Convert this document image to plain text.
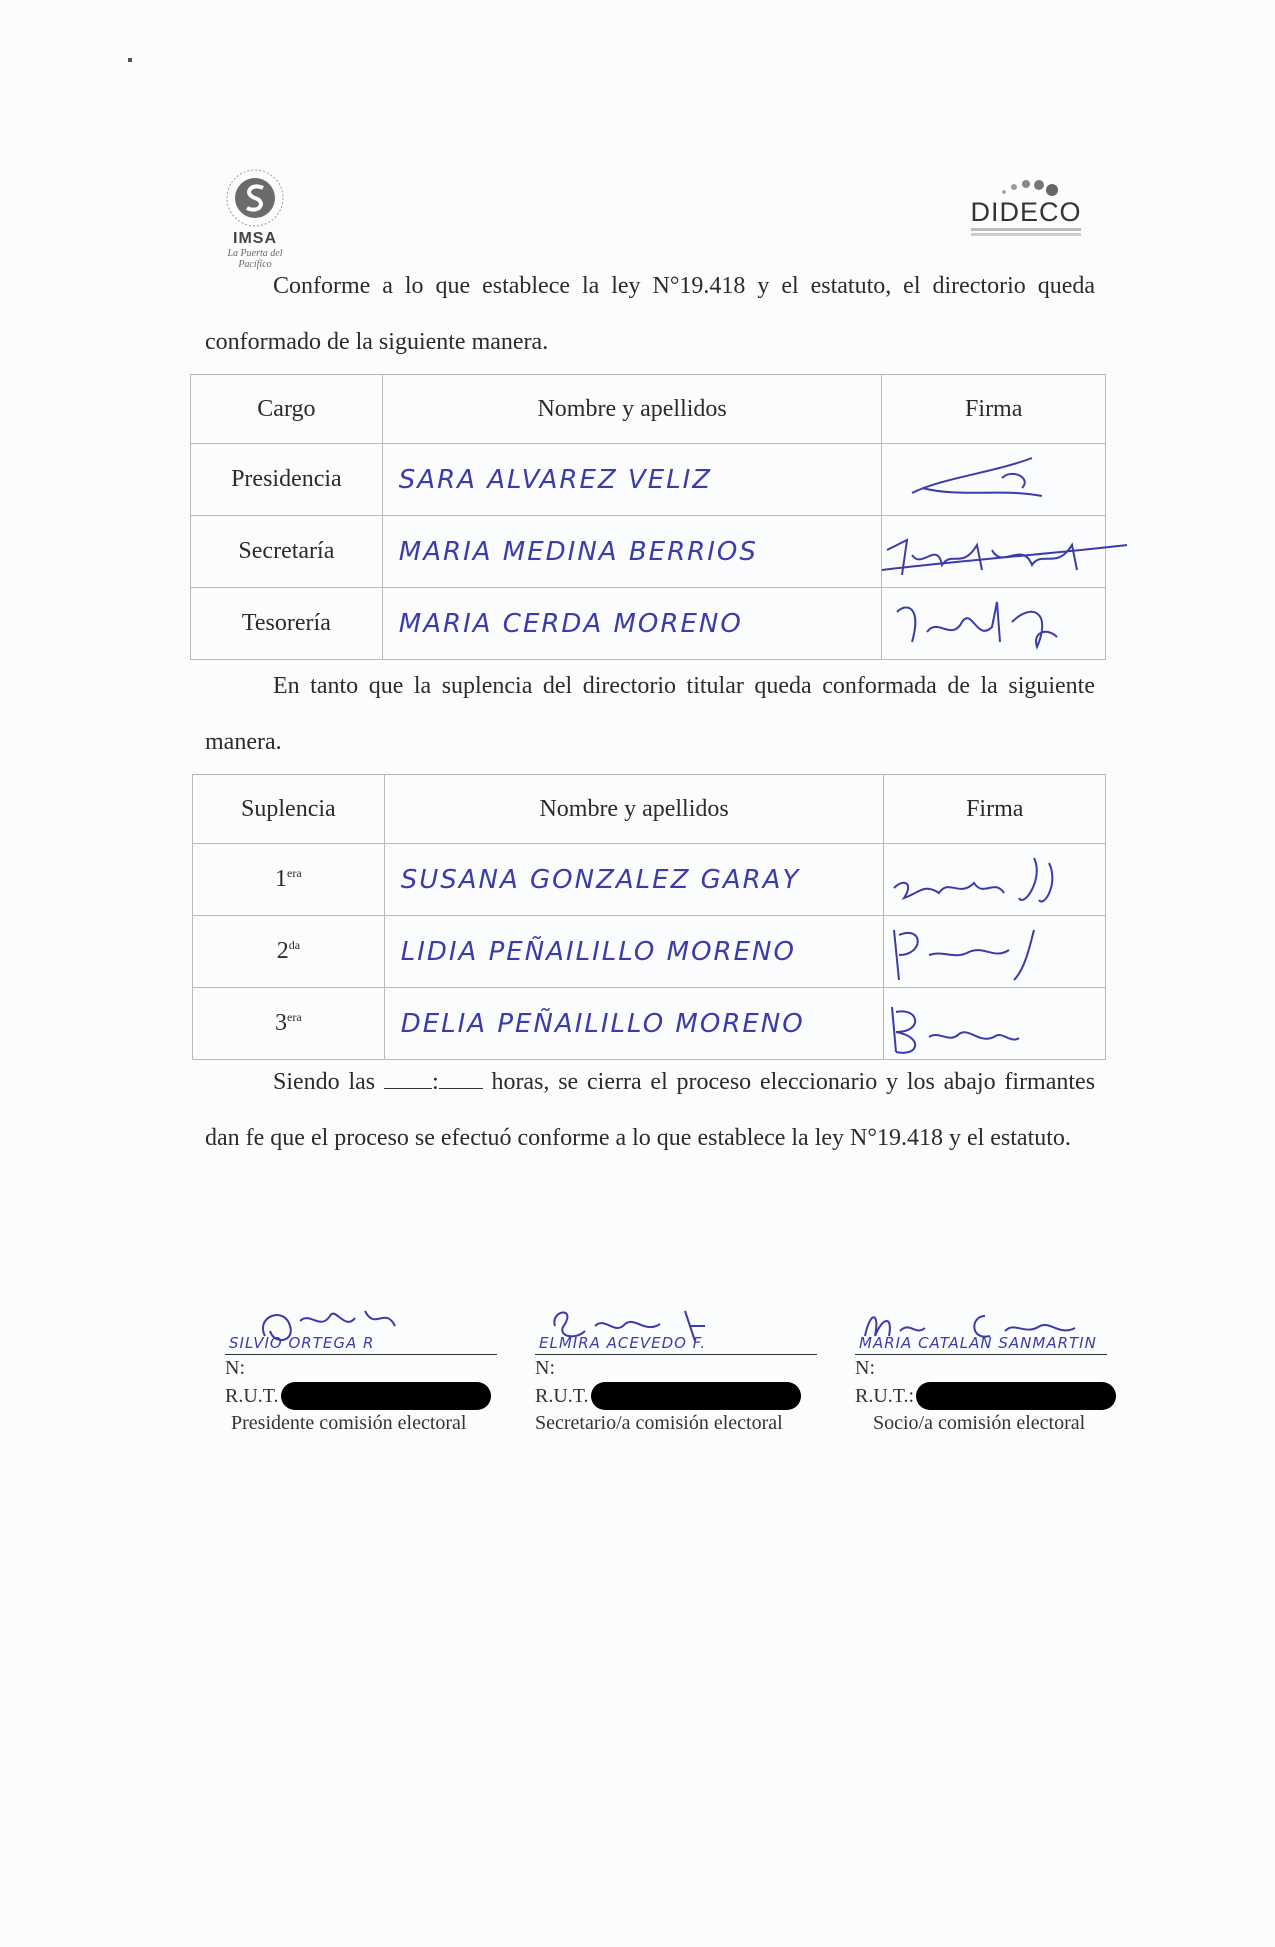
IMSA
La Puerta del Pacífico
DIDECO
Conforme a lo que establece la ley N°19.418 y el estatuto, el directorio queda conformado de la siguiente manera.
Cargo	Nombre y apellidos	Firma
Presidencia	SARA ALVAREZ VELIZ	

Secretaría	MARIA MEDINA BERRIOS	

Tesorería	MARIA CERDA MORENO	
En tanto que la suplencia del directorio titular queda conformada de la siguiente manera.
Suplencia	Nombre y apellidos	Firma
$1^{era}$	SUSANA GONZALEZ GARAY	

$2^{da}$	LIDIA PEÑAILILLO MORENO	

$3^{era}$	DELIA PEÑAILILLO MORENO	
Siendo las : horas, se cierra el proceso eleccionario y los abajo firmantes dan fe que el proceso se efectuó conforme a lo que establece la ley N°19.418 y el estatuto.
SILVIO ORTEGA R
N:
R.U.T.
Presidente comisión electoral
ELMIRA ACEVEDO F.
N:
R.U.T.
Secretario/a comisión electoral
MARIA CATALAN SANMARTIN
N:
R.U.T.:
Socio/a comisión electoral
